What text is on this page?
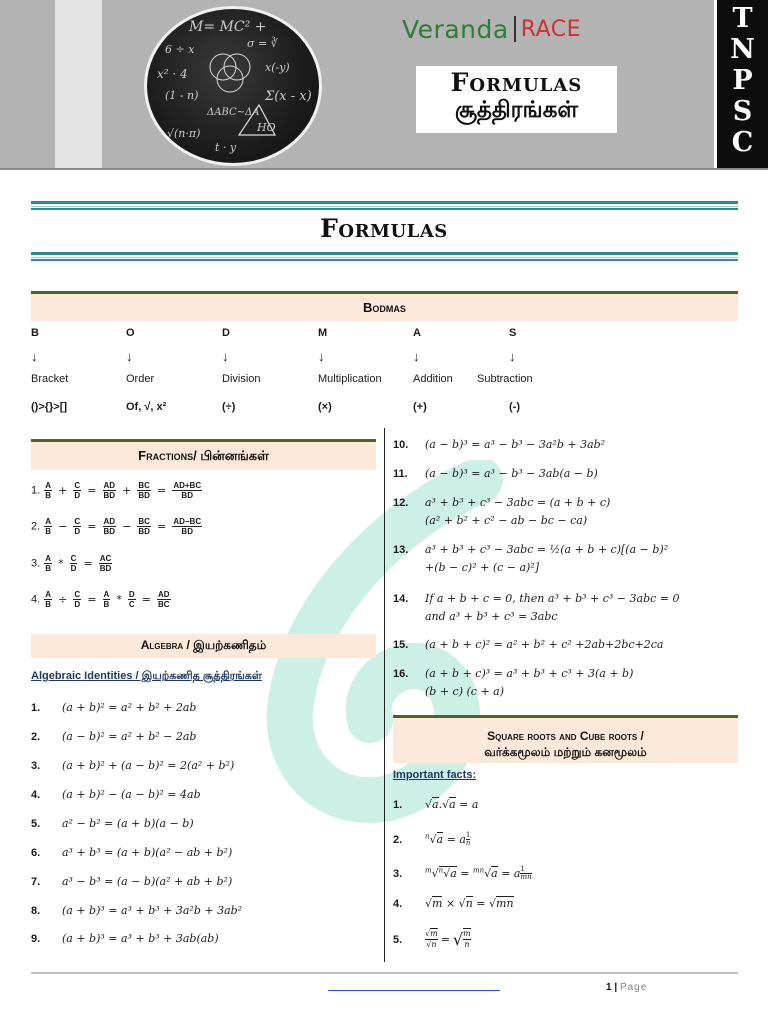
M= MC² +
6 ÷ x	σ = ∛
x² · 4	x(-y)
(1 - n)
ΔABC~ΔA
Σ(x - x)
√(n·π)	HO
t · y
Veranda RACE
Formulas
சூத்திரங்கள்
T
N
P
S
C
Formulas
Bodmas
B	O	D	M	A	S
↓	↓	↓	↓	↓	↓
Bracket	Order	Division	Multiplication	Addition Subtraction
()>{}>[]	Of, √, x²	(÷)	(×)	(+)	(-)
Fractions/ பின்னங்கள்
1. $\frac{A}{B} + \frac{C}{D} = \frac{AD}{BD} + \frac{BC}{BD} = \frac{AD+BC}{BD}$
2. $\frac{A}{B} - \frac{C}{D} = \frac{AD}{BD} - \frac{BC}{BD} = \frac{AD-BC}{BD}$
3. $\frac{A}{B} * \frac{C}{D} = \frac{AC}{BD}$
4. $\frac{A}{B} \div \frac{C}{D} = \frac{A}{B} * \frac{D}{C} = \frac{AD}{BC}$
Algebra / இயற்கணிதம்
Algebraic Identities / இயற்கணித சூத்திரங்கள்
1. (a + b)² = a² + b² + 2ab
2. (a − b)² = a² + b² − 2ab
3. (a + b)² + (a − b)² = 2(a² + b²)
4. (a + b)² − (a − b)² = 4ab
5. a² − b² = (a + b)(a − b)
6. a³ + b³ = (a + b)(a² − ab + b²)
7. a³ − b³ = (a − b)(a² + ab + b²)
8. (a + b)³ = a³ + b³ + 3a²b + 3ab²
9. (a + b)³ = a³ + b³ + 3ab(ab)
10. (a − b)³ = a³ − b³ − 3a²b + 3ab²
11. (a − b)³ = a³ − b³ − 3ab(a − b)
12. a³ + b³ + c³ − 3abc = (a + b + c)
(a² + b² + c² − ab − bc − ca)
13. a³ + b³ + c³ − 3abc = ½(a + b + c)[(a − b)²
+(b − c)² + (c − a)²]
14. If a + b + c = 0, then a³ + b³ + c³ − 3abc = 0
and a³ + b³ + c³ = 3abc
15. (a + b + c)² = a² + b² + c² +2ab+2bc+2ca
16. (a + b + c)³ = a³ + b³ + c³ + 3(a + b)
(b + c) (c + a)
Square roots and Cube roots /
வர்க்கமூலம் மற்றும் கனமூலம்
Important facts:
1. √a.√a = a
2.	$^n$√a = a $^{\frac{1}{n}}$
3.	$^m$√$^n$√a = $^{mn}$√a = a $^{\frac{1}{mn}}$
4. √m × √n = √mn
5.	$\frac{√m}{√n}$ = √ m
n
1 | Page
